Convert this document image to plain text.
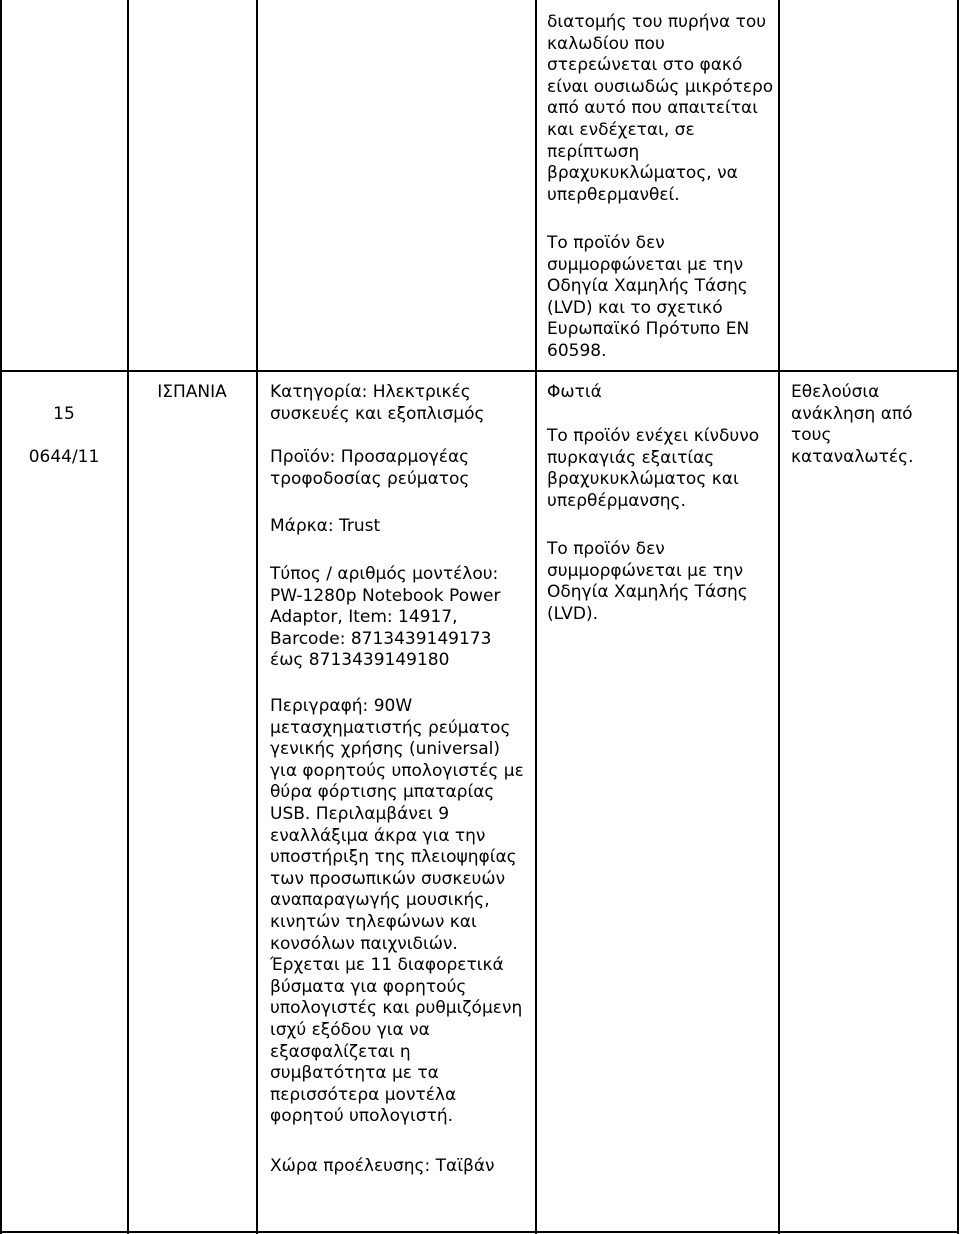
διατομής του πυρήνα του
καλωδίου που
στερεώνεται στο φακό
είναι ουσιωδώς μικρότερο
από αυτό που απαιτείται
και ενδέχεται, σε
περίπτωση
βραχυκυκλώματος, να
υπερθερμανθεί.
Το προϊόν δεν
συμμορφώνεται με την
Οδηγία Χαμηλής Τάσης
(LVD) και το σχετικό
Ευρωπαϊκό Πρότυπο EN
60598.

15

0644/11

ΙΣΠΑΝΙΑ	Κατηγορία: Ηλεκτρικές
συσκευές και εξοπλισμός
Προϊόν: Προσαρμογέας
τροφοδοσίας ρεύματος
Μάρκα: Trust
Τύπος / αριθμός μοντέλου:
PW-1280p Notebook Power
Adaptor, Item: 14917,
Barcode: 8713439149173
έως 8713439149180
Περιγραφή: 90W
μετασχηματιστής ρεύματος
γενικής χρήσης (universal)
για φορητούς υπολογιστές με
θύρα φόρτισης μπαταρίας
USB. Περιλαμβάνει 9
εναλλάξιμα άκρα για την
υποστήριξη της πλειοψηφίας
των προσωπικών συσκευών
αναπαραγωγής μουσικής,
κινητών τηλεφώνων και
κονσόλων παιχνιδιών.
Έρχεται με 11 διαφορετικά
βύσματα για φορητούς
υπολογιστές και ρυθμιζόμενη
ισχύ εξόδου για να
εξασφαλίζεται η
συμβατότητα με τα
περισσότερα μοντέλα
φορητού υπολογιστή.
Χώρα προέλευσης: Ταϊβάν
Φωτιά
Το προϊόν ενέχει κίνδυνο
πυρκαγιάς εξαιτίας
βραχυκυκλώματος και
υπερθέρμανσης.
Το προϊόν δεν
συμμορφώνεται με την
Οδηγία Χαμηλής Τάσης
(LVD).
Εθελούσια
ανάκληση από
τους
καταναλωτές.
